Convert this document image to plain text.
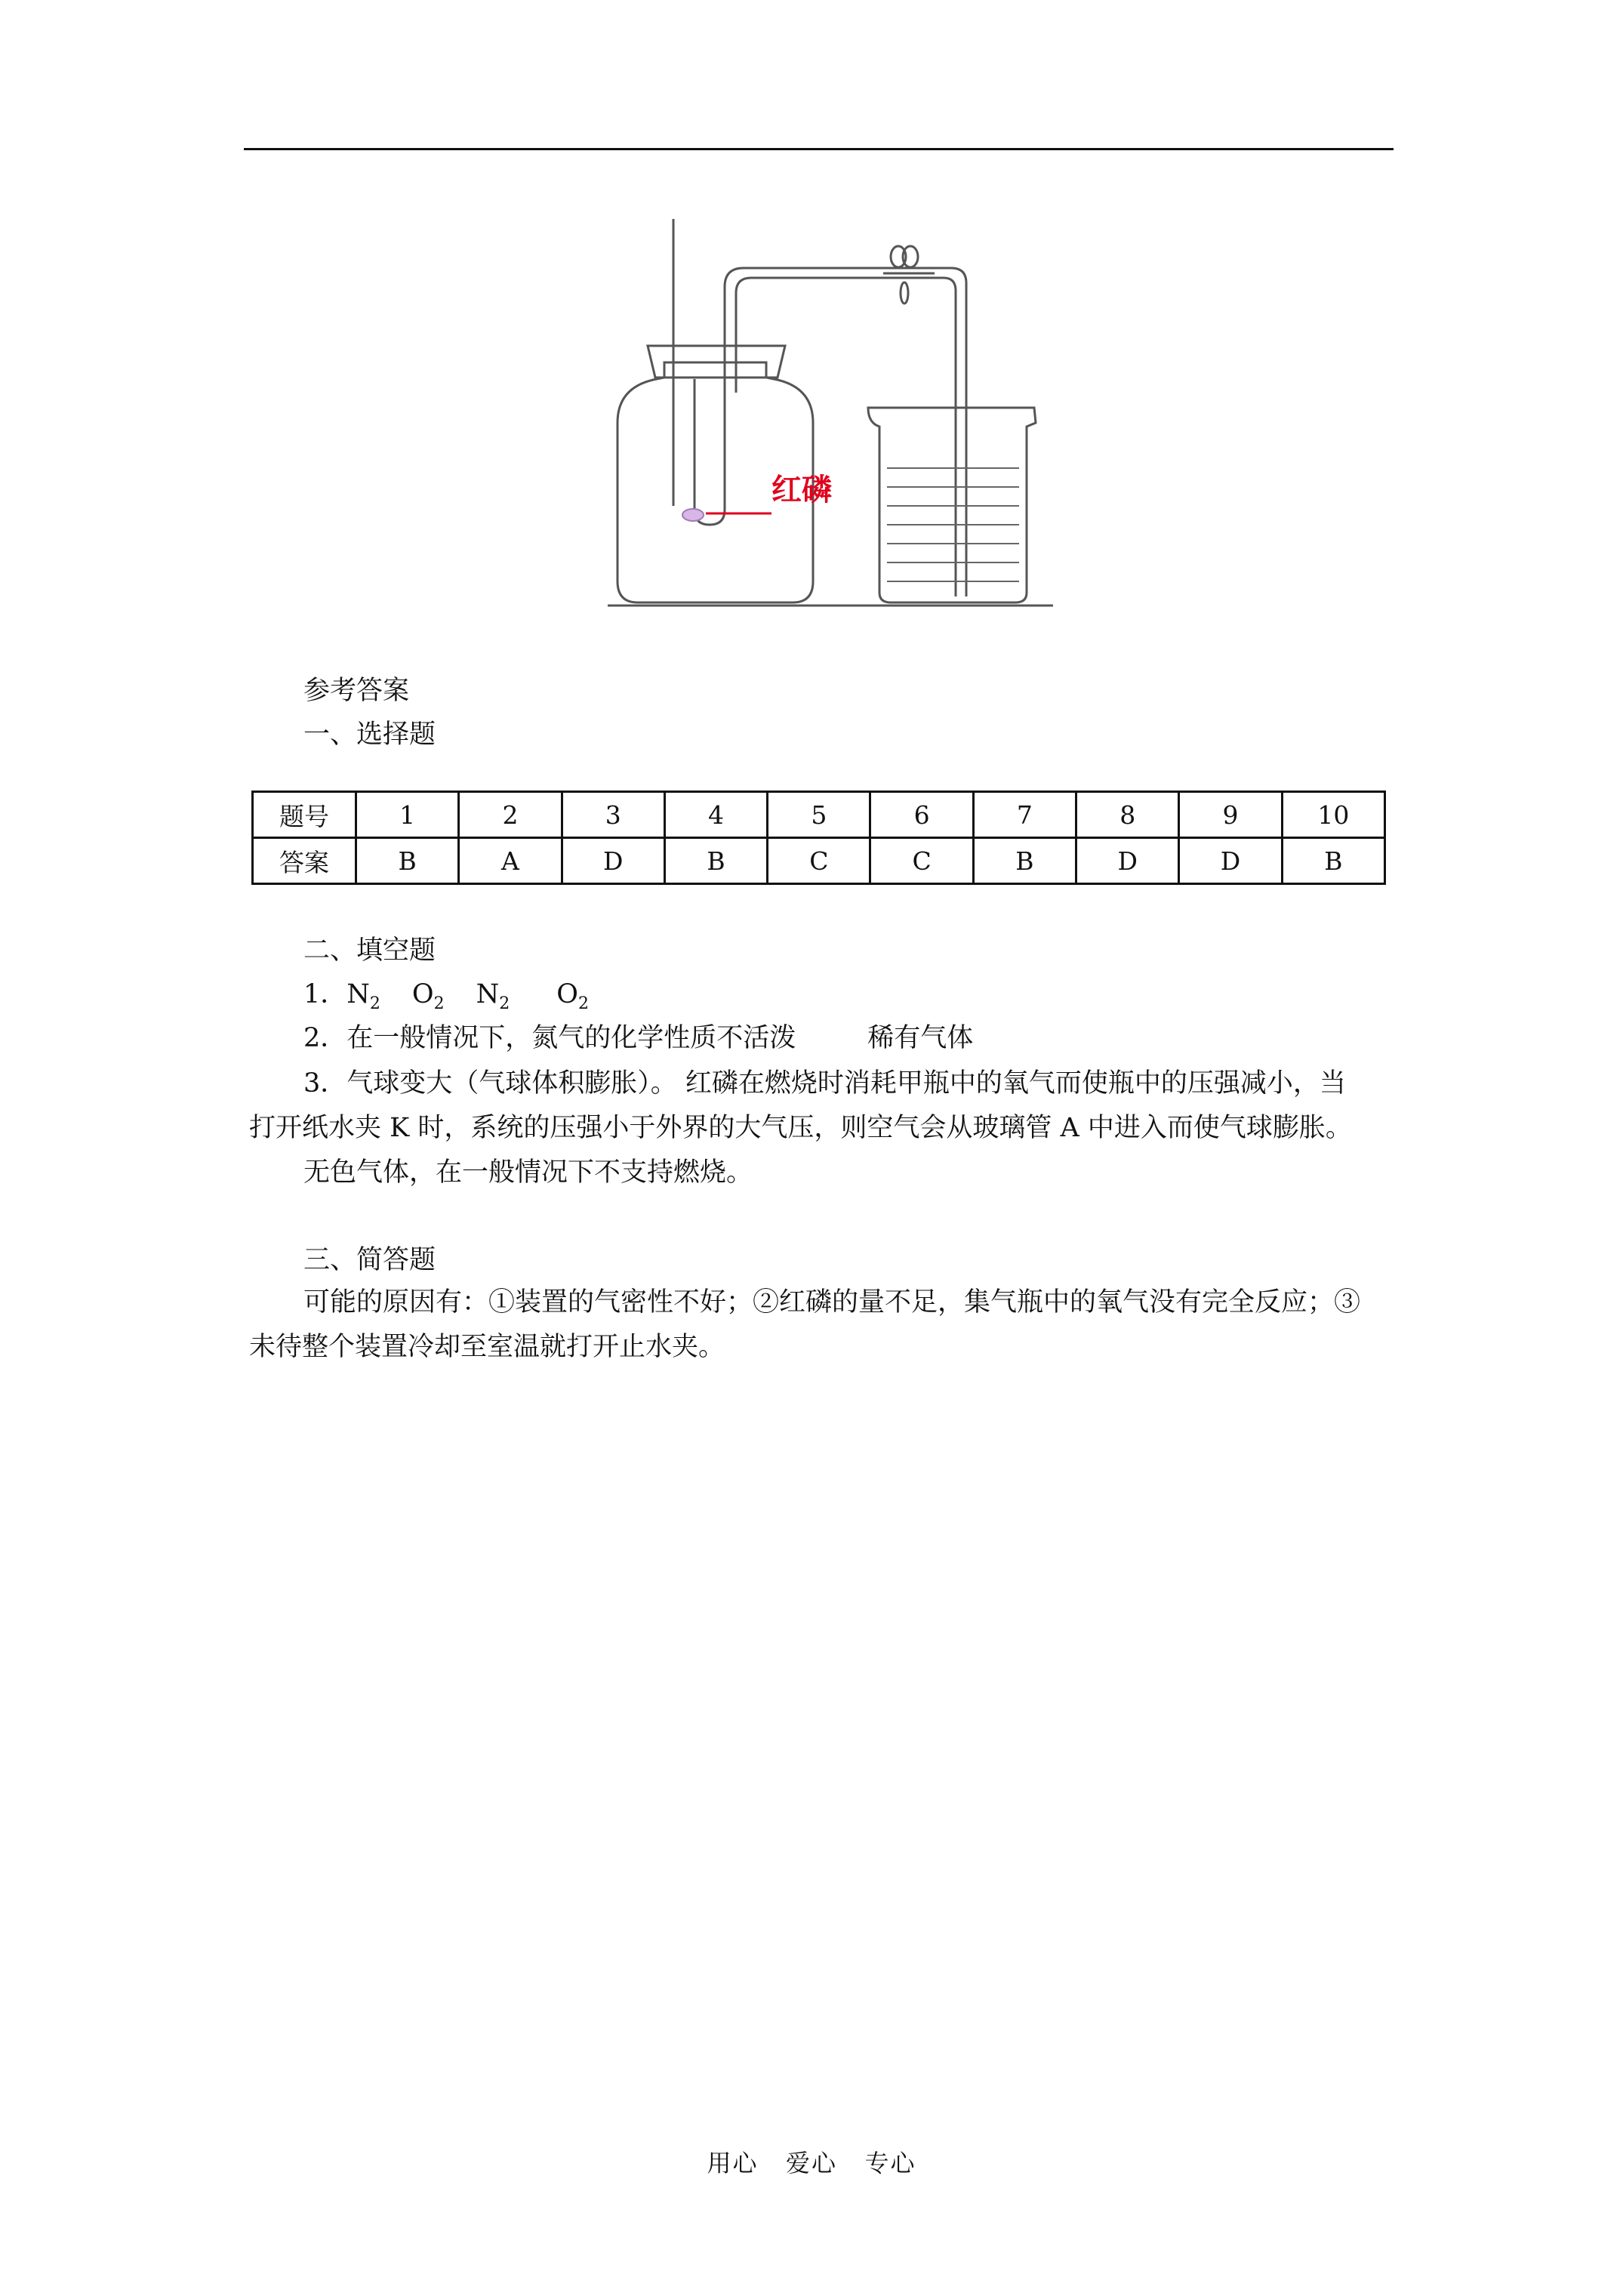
红磷
参考答案
一、选择题
题号	1	2	3	4	5	6	7	8	9	10
答案	B	A	D	B	C	C	B	D	D	B
二、填空题
1．$N_2$ $O_2$ $N_2$ $O_2$
2．在一般情况下，氮气的化学性质不活泼	稀有气体
3．气球变大（气球体积膨胀）。 红磷在燃烧时消耗甲瓶中的氧气而使瓶中的压强减小，当
打开纸水夹 K 时，系统的压强小于外界的大气压，则空气会从玻璃管 A 中进入而使气球膨胀。
无色气体，在一般情况下不支持燃烧。
三、简答题
可能的原因有：①装置的气密性不好；②红磷的量不足，集气瓶中的氧气没有完全反应；③
未待整个装置冷却至室温就打开止水夹。
用心   爱心   专心
